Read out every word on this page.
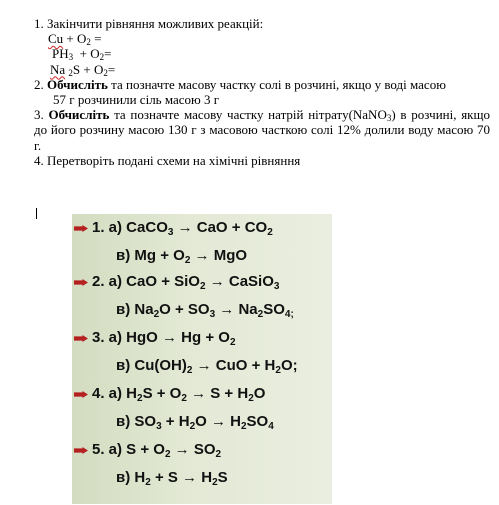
1. Закінчити рівняння можливих реакцій:
$Cu + O_2$ =
$PH_3 + O_2=$
Na $_2S + O_2=$
2. Обчисліть та позначте масову частку солі в розчині, якщо у воді масою
57 г розчинили сіль масою 3 г
3. Обчисліть та позначте масову частку натрій нітрату(NaNO$_3$) в розчині, якщо до його розчину масою 130 г з масовою часткою солі 12% долили воду масою 70 г.
4. Перетворіть подані схеми на хімічні рівняння
1. а) CaCO$_3$ → CaO + $CO_2$
в) $Mg + O_2$ → MgO
2. а) CaO + SiO$_2$ → CaSiO$_3$
в) $Na_2O + SO_3 \to Na_2SO_{4;}$
3. а) HgO → $Hg + O_2$
в) $Cu(OH)_2$ → CuO + $H_2O$;
4. а) $H_2S + O_2 \to S + H_2O$
в) $SO_3 + H_2O \to H_2SO_4$
5. а) $S + O_2 \to SO_2$
в) $H_2 + S \to H_2S$
